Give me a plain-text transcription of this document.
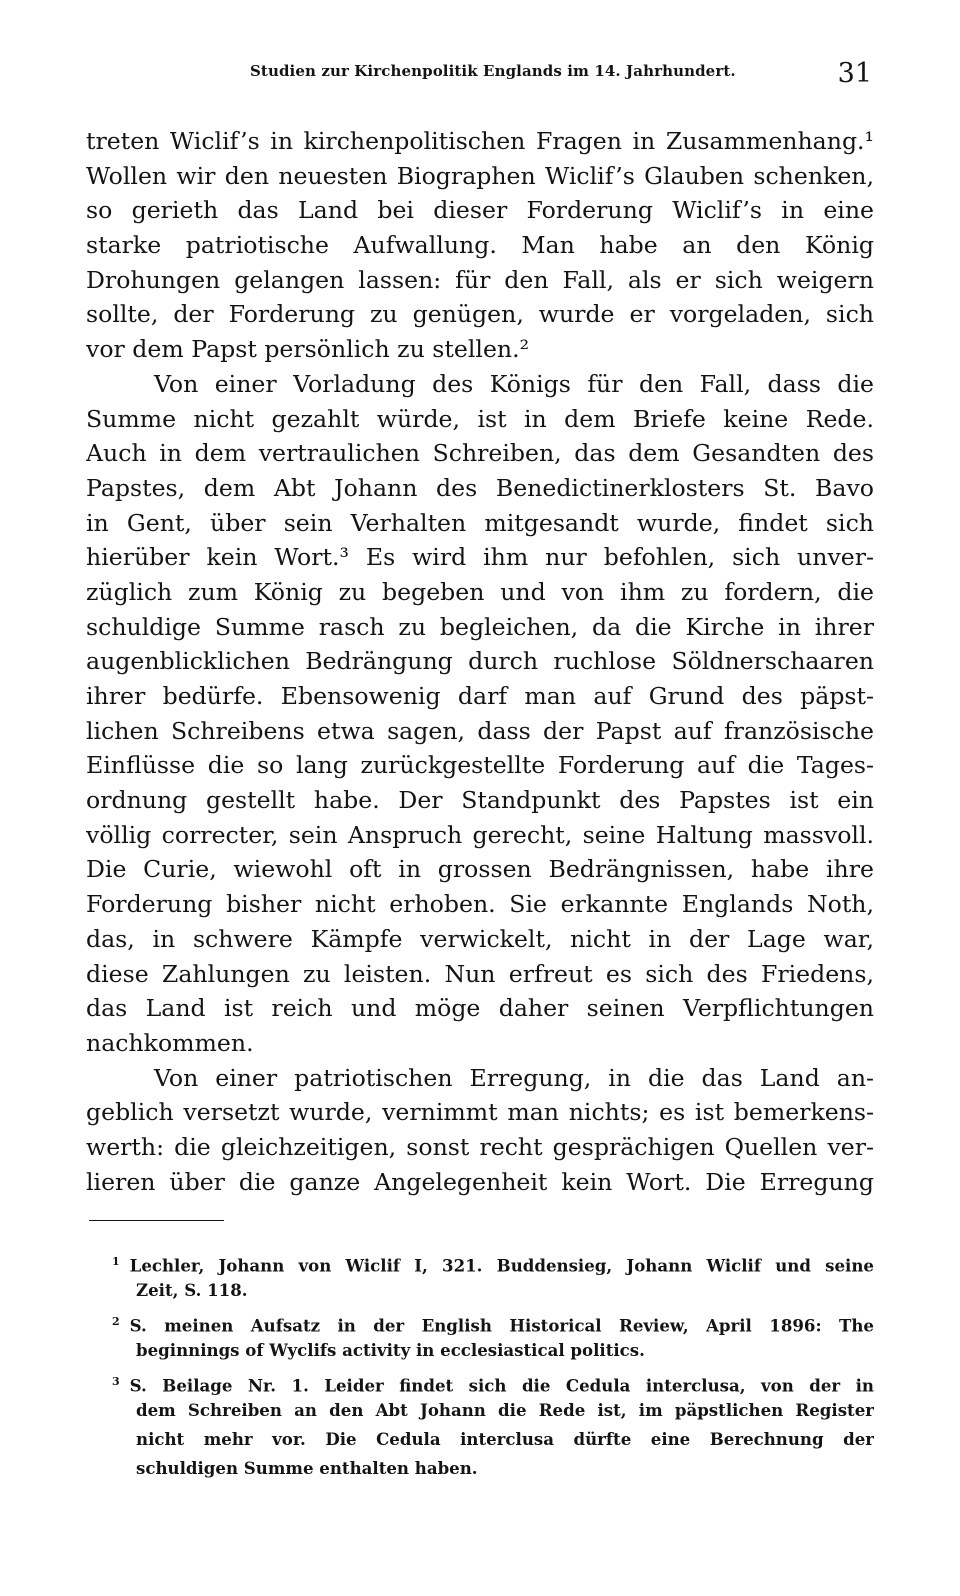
Studien zur Kirchenpolitik Englands im 14. Jahrhundert.	31
treten Wiclif’s in kirchenpolitischen Fragen in Zusammenhang.¹
Wollen wir den neuesten Biographen Wiclif’s Glauben schenken,
so gerieth das Land bei dieser Forderung Wiclif’s in eine
starke patriotische Aufwallung. Man habe an den König
Drohungen gelangen lassen: für den Fall, als er sich weigern
sollte, der Forderung zu genügen, wurde er vorgeladen, sich
vor dem Papst persönlich zu stellen.²
Von einer Vorladung des Königs für den Fall, dass die
Summe nicht gezahlt würde, ist in dem Briefe keine Rede.
Auch in dem vertraulichen Schreiben, das dem Gesandten des
Papstes, dem Abt Johann des Benedictinerklosters St. Bavo
in Gent, über sein Verhalten mitgesandt wurde, findet sich
hierüber kein Wort.³ Es wird ihm nur befohlen, sich unver-
züglich zum König zu begeben und von ihm zu fordern, die
schuldige Summe rasch zu begleichen, da die Kirche in ihrer
augenblicklichen Bedrängung durch ruchlose Söldnerschaaren
ihrer bedürfe. Ebensowenig darf man auf Grund des päpst-
lichen Schreibens etwa sagen, dass der Papst auf französische
Einflüsse die so lang zurückgestellte Forderung auf die Tages-
ordnung gestellt habe. Der Standpunkt des Papstes ist ein
völlig correcter, sein Anspruch gerecht, seine Haltung massvoll.
Die Curie, wiewohl oft in grossen Bedrängnissen, habe ihre
Forderung bisher nicht erhoben. Sie erkannte Englands Noth,
das, in schwere Kämpfe verwickelt, nicht in der Lage war,
diese Zahlungen zu leisten. Nun erfreut es sich des Friedens,
das Land ist reich und möge daher seinen Verpflichtungen
nachkommen.
Von einer patriotischen Erregung, in die das Land an-
geblich versetzt wurde, vernimmt man nichts; es ist bemerkens-
werth: die gleichzeitigen, sonst recht gesprächigen Quellen ver-
lieren über die ganze Angelegenheit kein Wort. Die Erregung
$^1$ Lechler, Johann von Wiclif I, 321. Buddensieg, Johann Wiclif und seine
Zeit, S. 118.
$^2$ S. meinen Aufsatz in der English Historical Review, April 1896: The
beginnings of Wyclifs activity in ecclesiastical politics.
$^3$ S. Beilage Nr. 1. Leider findet sich die Cedula interclusa, von der in
dem Schreiben an den Abt Johann die Rede ist, im päpstlichen Register
nicht mehr vor. Die Cedula interclusa dürfte eine Berechnung der
schuldigen Summe enthalten haben.
